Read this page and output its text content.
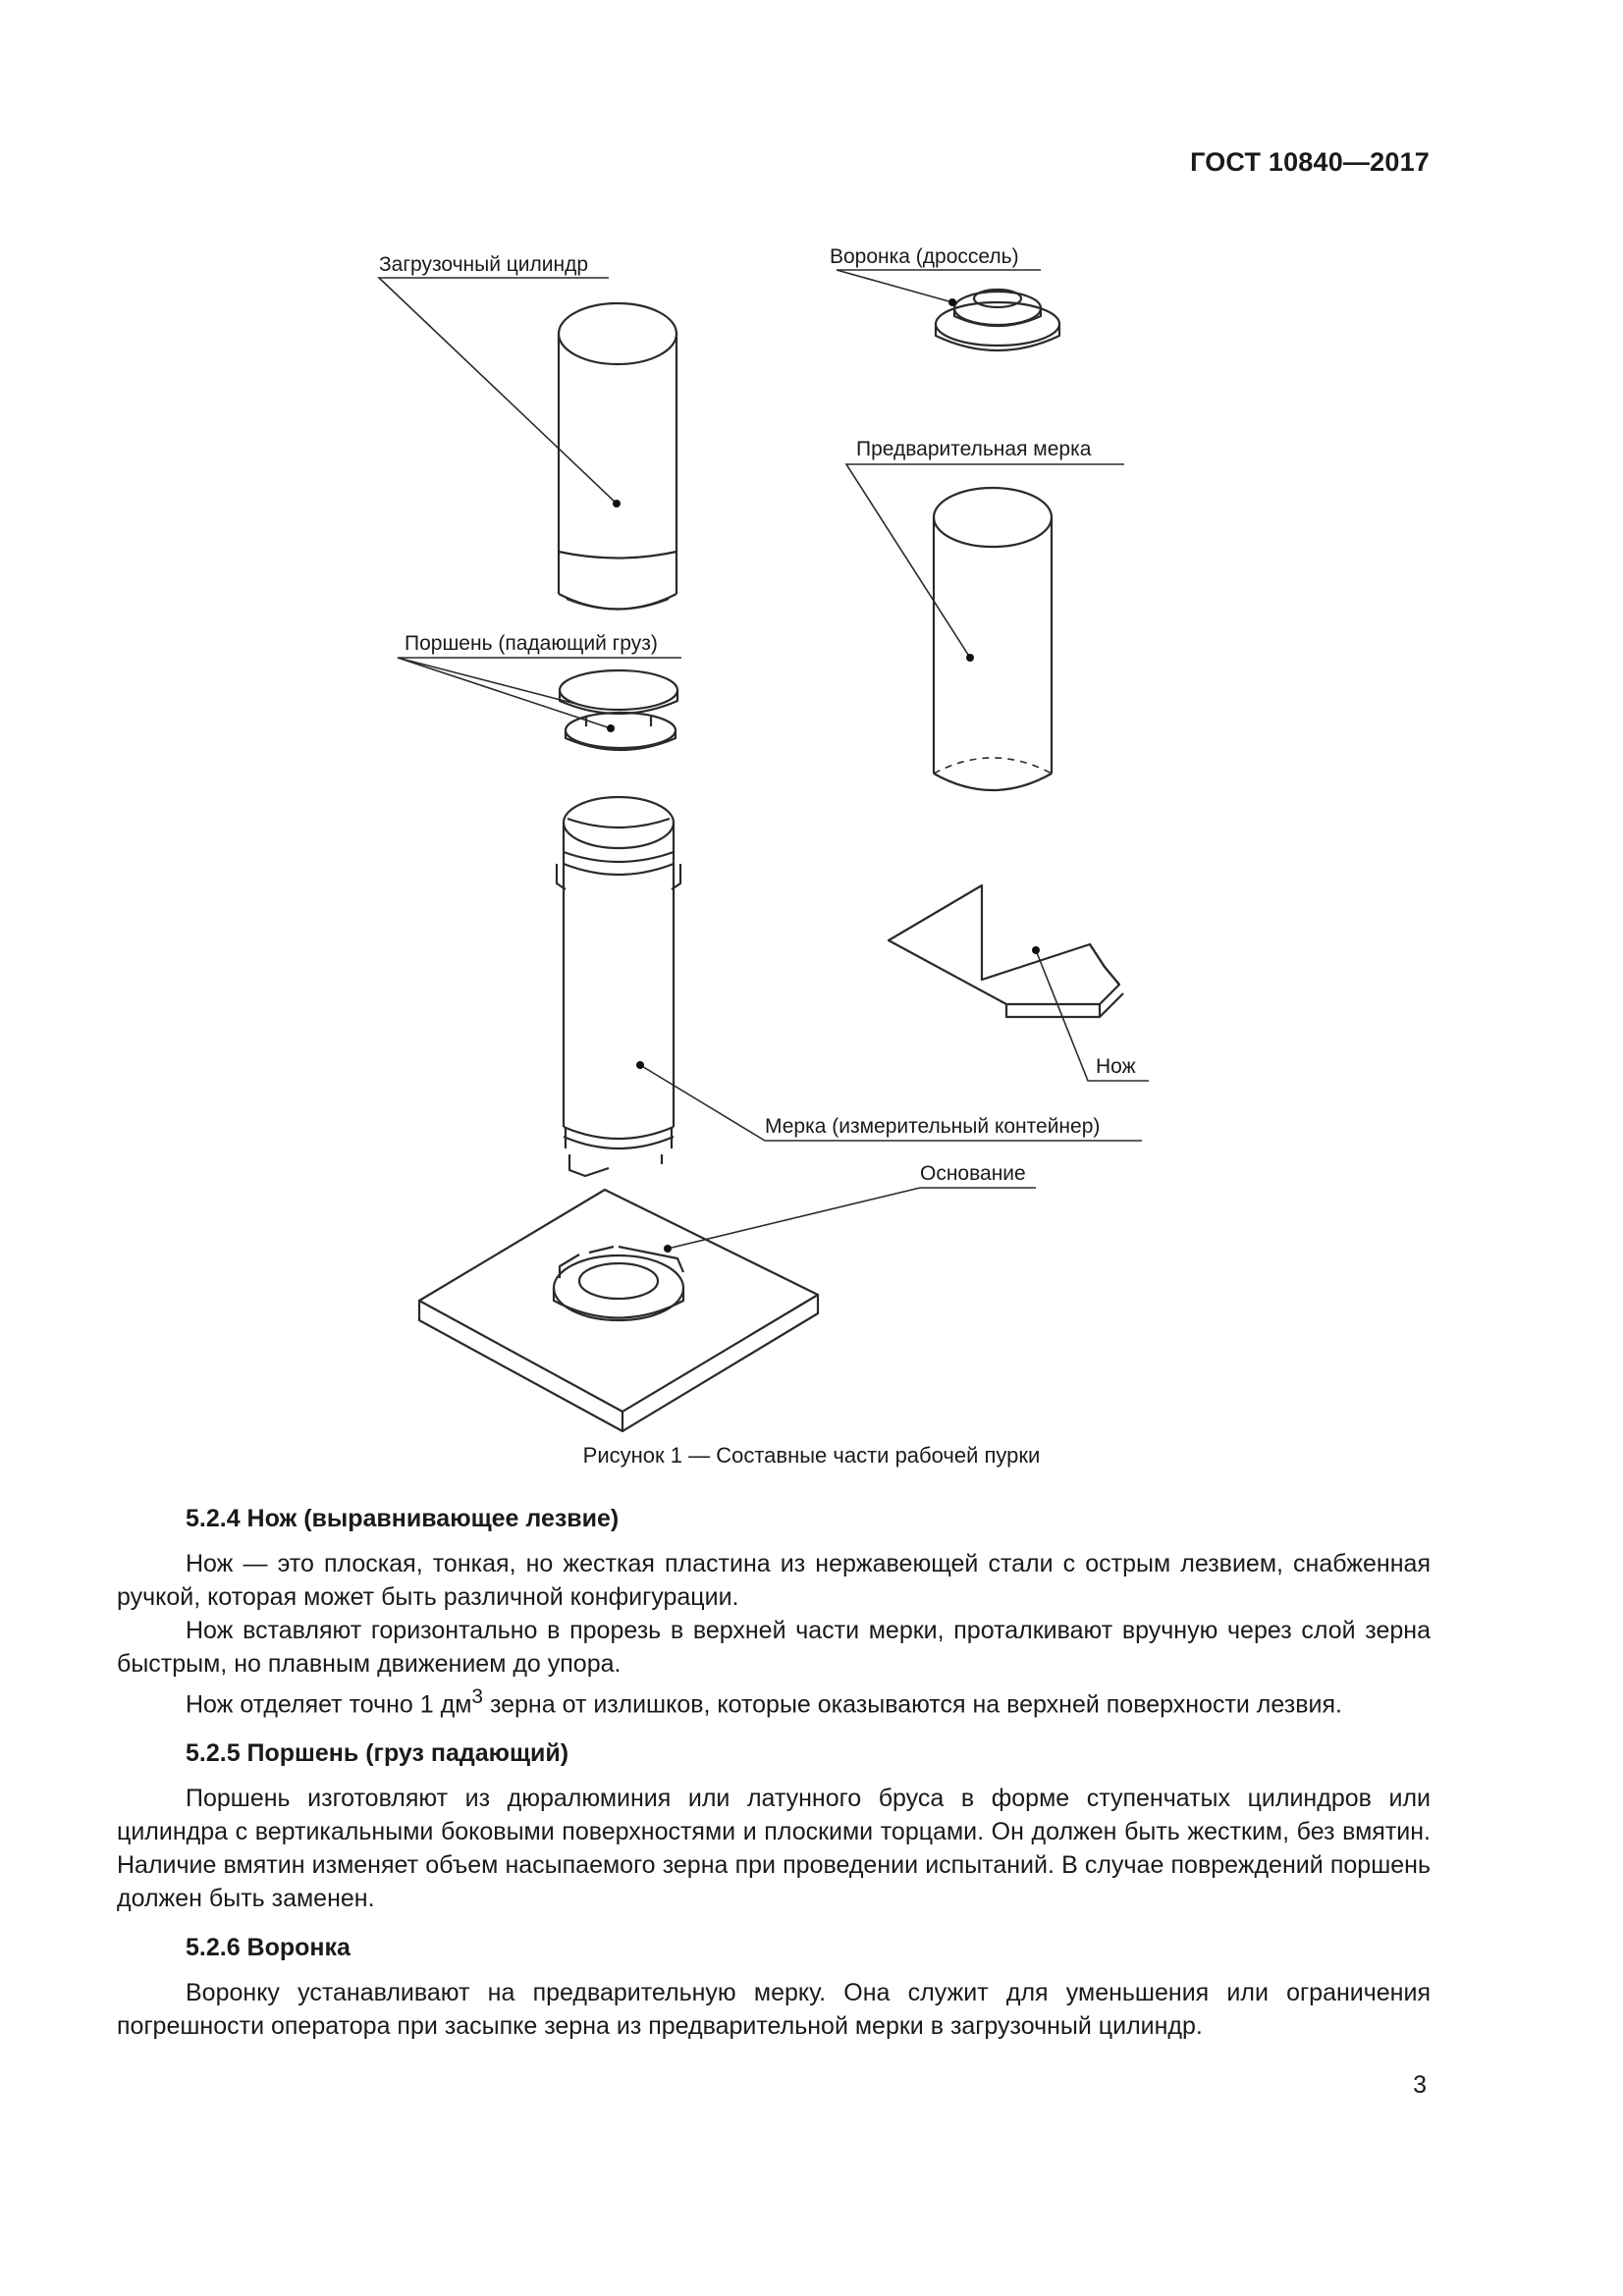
ГОСТ 10840—2017
Загрузочный цилиндр	Воронка (дроссель)
Предварительная мерка
Поршень (падающий груз)
Нож
Мерка (измерительный контейнер)
Основание
Рисунок 1 — Составные части рабочей пурки
5.2.4 Нож (выравнивающее лезвие)

Нож — это плоская, тонкая, но жесткая пластина из нержавеющей стали с острым лезвием, снабженная ручкой, которая может быть различной конфигурации.

Нож вставляют горизонтально в прорезь в верхней части мерки, проталкивают вручную через слой зерна быстрым, но плавным движением до упора.

Нож отделяет точно 1 $дм^3$ зерна от излишков, которые оказываются на верхней поверхности лезвия.

5.2.5 Поршень (груз падающий)

Поршень изготовляют из дюралюминия или латунного бруса в форме ступенчатых цилиндров или цилиндра с вертикальными боковыми поверхностями и плоскими торцами. Он должен быть жестким, без вмятин. Наличие вмятин изменяет объем насыпаемого зерна при проведении испытаний. В случае повреждений поршень должен быть заменен.

5.2.6 Воронка

Воронку устанавливают на предварительную мерку. Она служит для уменьшения или ограничения погрешности оператора при засыпке зерна из предварительной мерки в загрузочный цилиндр.

3
